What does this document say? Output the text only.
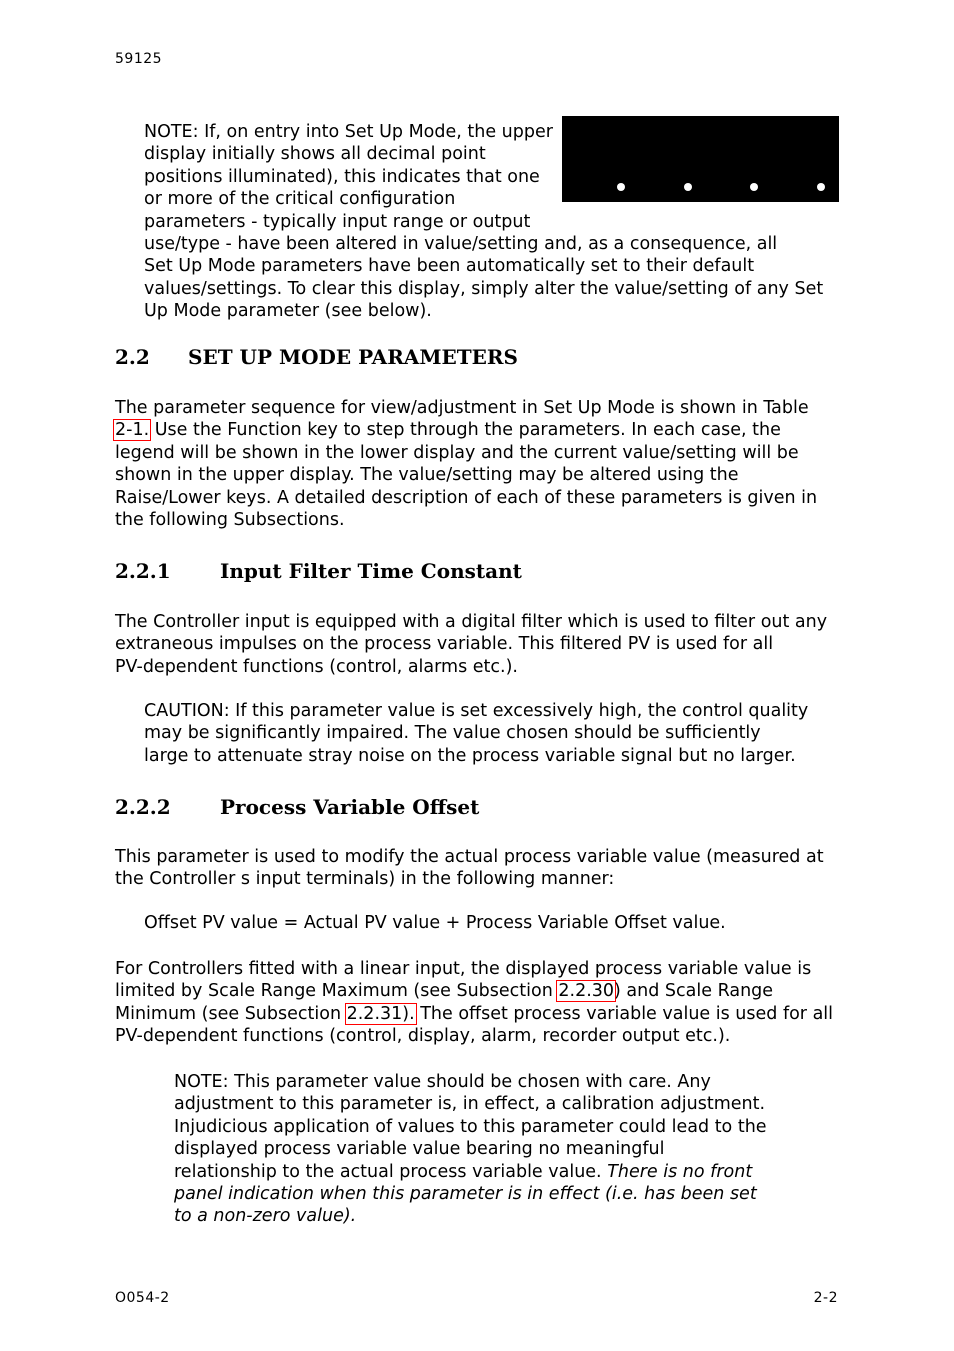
59125
NOTE: If, on entry into Set Up Mode, the upper
display initially shows all decimal point
positions illuminated), this indicates that one
or more of the critical configuration
parameters - typically input range or output
use/type - have been altered in value/setting and, as a consequence, all
Set Up Mode parameters have been automatically set to their default
values/settings. To clear this display, simply alter the value/setting of any Set
Up Mode parameter (see below).
2.2 SET UP MODE PARAMETERS
The parameter sequence for view/adjustment in Set Up Mode is shown in Table
2-1. Use the Function key to step through the parameters. In each case, the
legend will be shown in the lower display and the current value/setting will be
shown in the upper display. The value/setting may be altered using the
Raise/Lower keys. A detailed description of each of these parameters is given in
the following Subsections.
2.2.1 Input Filter Time Constant
The Controller input is equipped with a digital filter which is used to filter out any
extraneous impulses on the process variable. This filtered PV is used for all
PV-dependent functions (control, alarms etc.).
CAUTION: If this parameter value is set excessively high, the control quality
may be significantly impaired. The value chosen should be sufficiently
large to attenuate stray noise on the process variable signal but no larger.
2.2.2 Process Variable Offset
This parameter is used to modify the actual process variable value (measured at
the Controller s input terminals) in the following manner:
Offset PV value = Actual PV value + Process Variable Offset value.
For Controllers fitted with a linear input, the displayed process variable value is
limited by Scale Range Maximum (see Subsection 2.2.30) and Scale Range
Minimum (see Subsection 2.2.31). The offset process variable value is used for all
PV-dependent functions (control, display, alarm, recorder output etc.).
NOTE: This parameter value should be chosen with care. Any
adjustment to this parameter is, in effect, a calibration adjustment.
Injudicious application of values to this parameter could lead to the
displayed process variable value bearing no meaningful
relationship to the actual process variable value. There is no front
panel indication when this parameter is in effect (i.e. has been set
to a non-zero value).
O054-2	2-2
